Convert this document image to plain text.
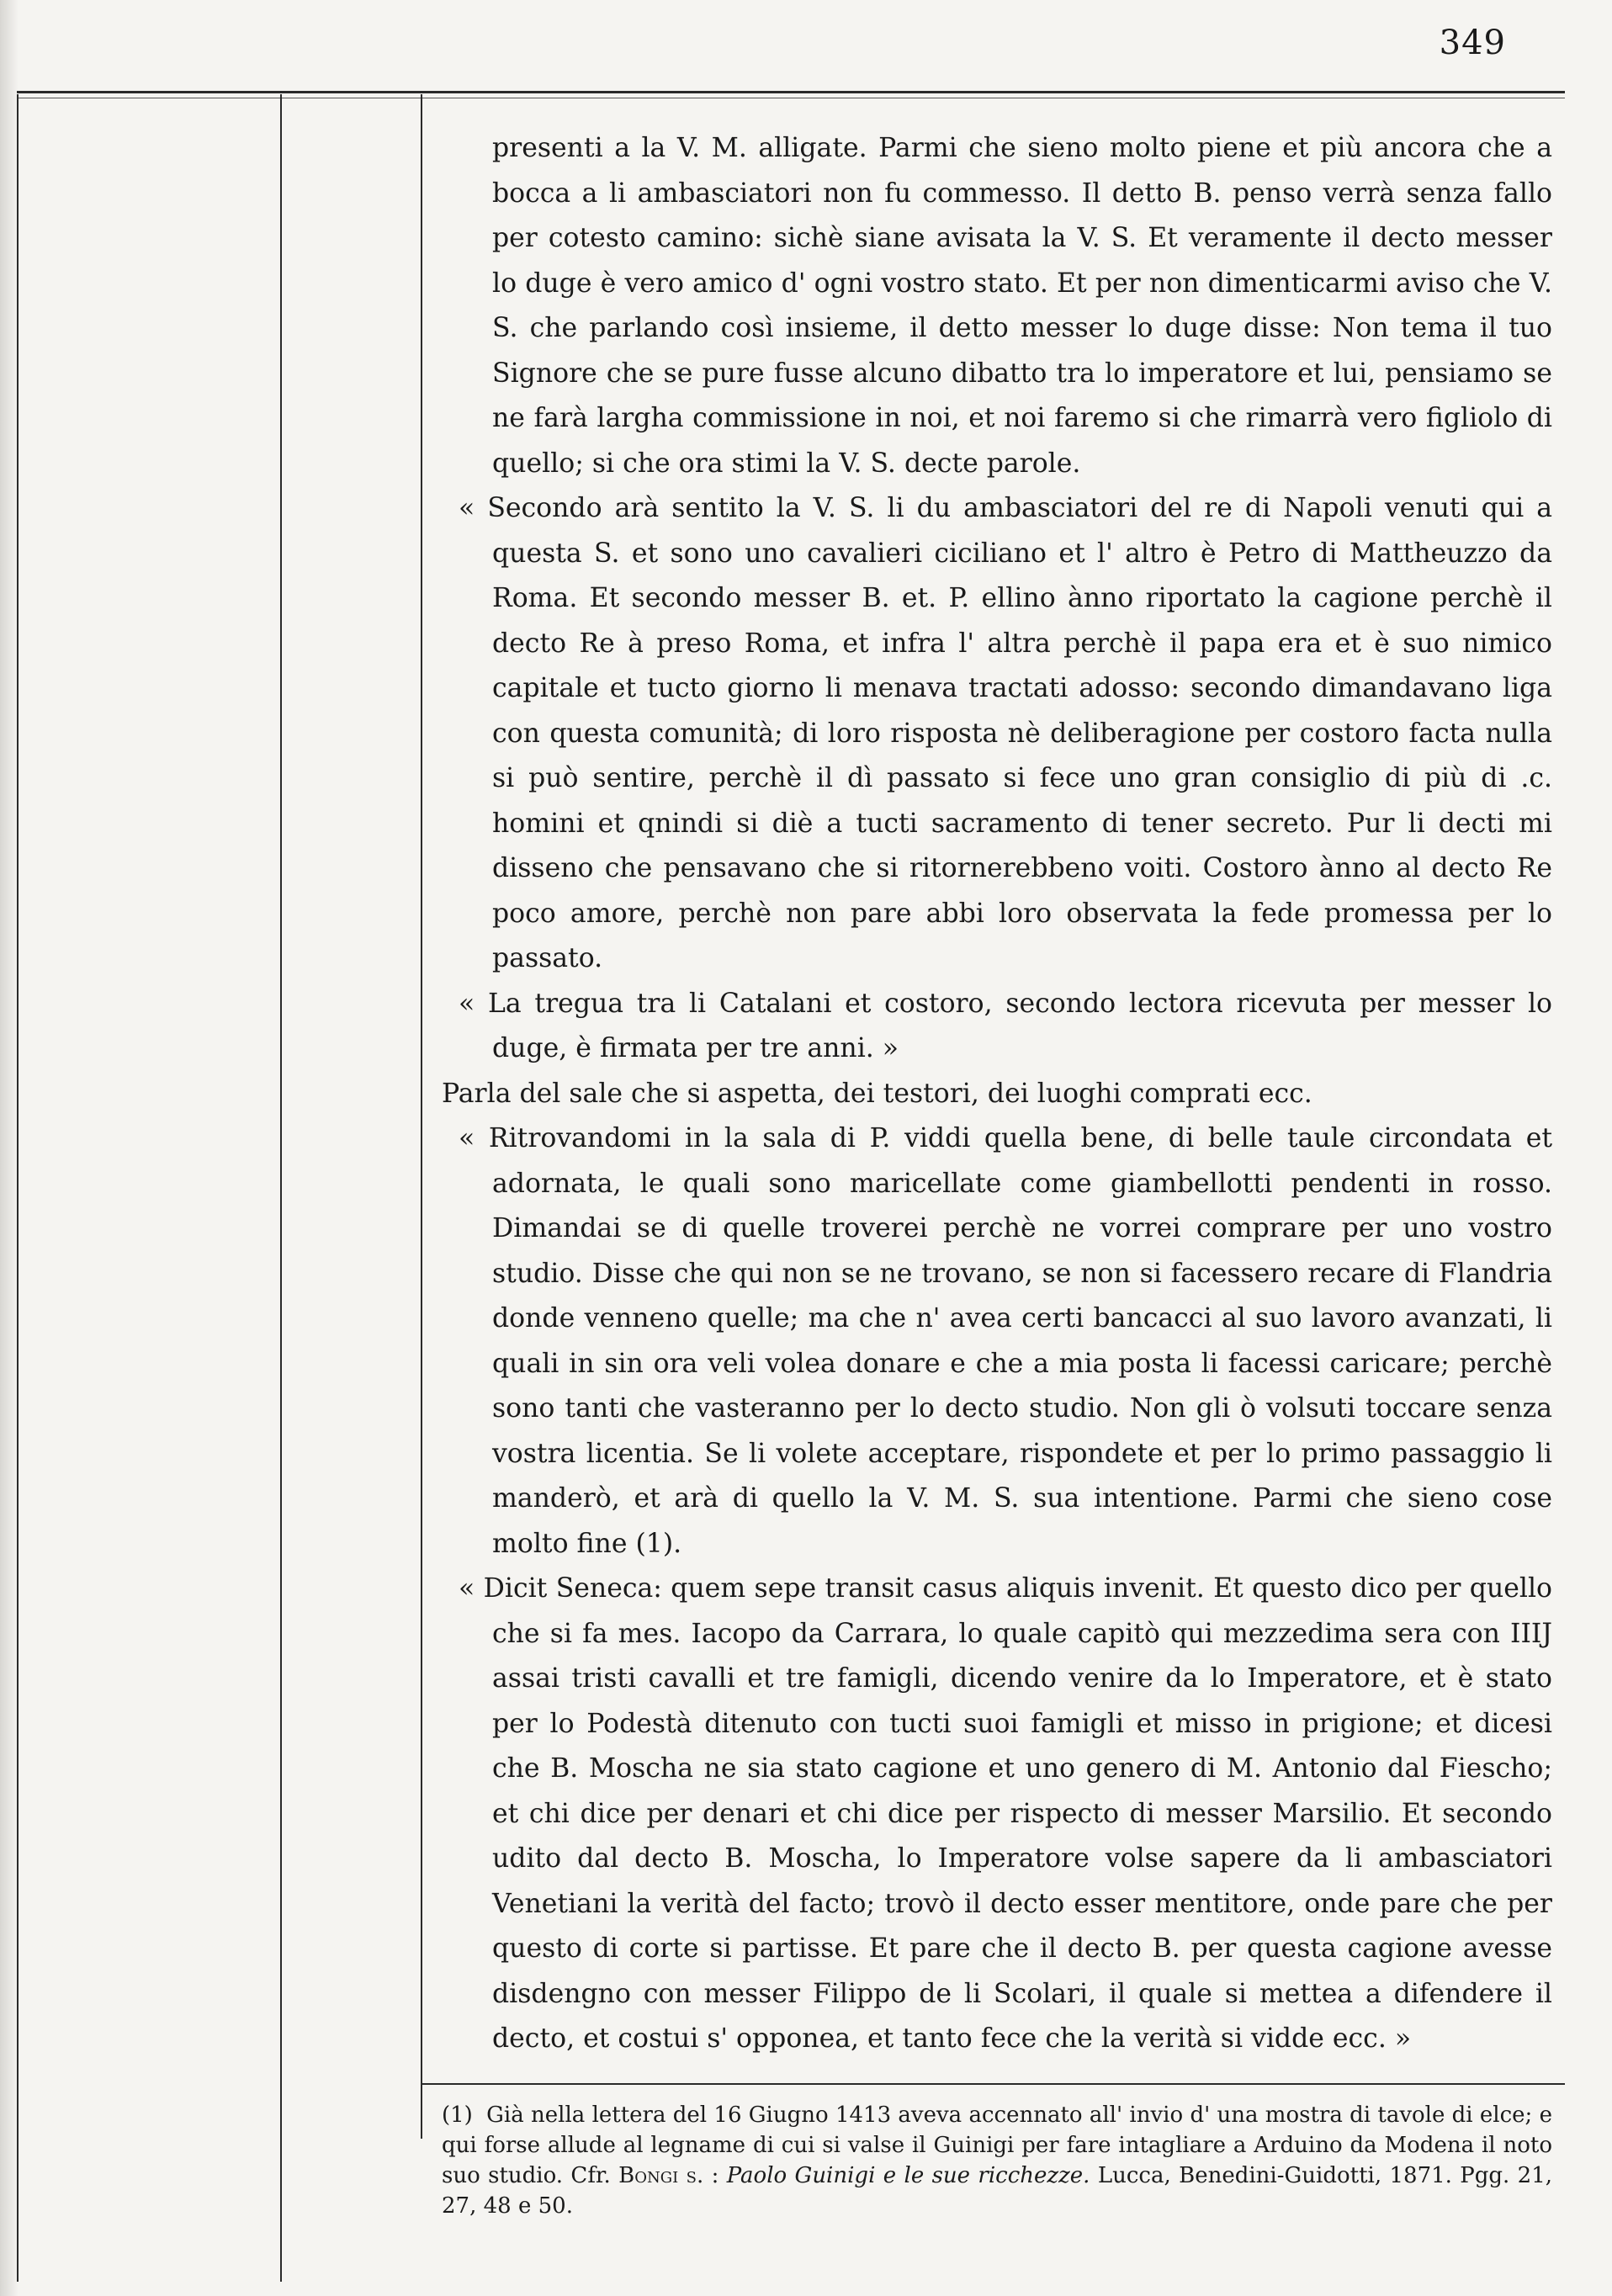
349

presenti a la V. M. alligate. Parmi che sieno molto piene et più ancora che a bocca a li ambasciatori non fu commesso. Il detto B. penso verrà senza fallo per cotesto camino: sichè siane avisata la V. S. Et veramente il decto messer lo duge è vero amico d' ogni vostro stato. Et per non dimenticarmi aviso che V. S. che parlando così insieme, il detto messer lo duge disse: Non tema il tuo Signore che se pure fusse alcuno dibatto tra lo imperatore et lui, pensiamo se ne farà largha commissione in noi, et noi faremo si che rimarrà vero figliolo di quello; si che ora stimi la V. S. decte parole.

« Secondo arà sentito la V. S. li du ambasciatori del re di Napoli venuti qui a questa S. et sono uno cavalieri ciciliano et l' altro è Petro di Mattheuzzo da Roma. Et secondo messer B. et. P. ellino ànno riportato la cagione perchè il decto Re à preso Roma, et infra l' altra perchè il papa era et è suo nimico capitale et tucto giorno li menava tractati adosso: secondo dimandavano liga con questa comunità; di loro risposta nè deliberagione per costoro facta nulla si può sentire, perchè il dì passato si fece uno gran consiglio di più di .c. homini et qnindi si diè a tucti sacramento di tener secreto. Pur li decti mi disseno che pensavano che si ritornerebbeno voiti. Costoro ànno al decto Re poco amore, perchè non pare abbi loro observata la fede promessa per lo passato.

« La tregua tra li Catalani et costoro, secondo lectora ricevuta per messer lo duge, è firmata per tre anni. »

Parla del sale che si aspetta, dei testori, dei luoghi comprati ecc.

« Ritrovandomi in la sala di P. viddi quella bene, di belle taule circondata et adornata, le quali sono maricellate come giambellotti pendenti in rosso. Dimandai se di quelle troverei perchè ne vorrei comprare per uno vostro studio. Disse che qui non se ne trovano, se non si facessero recare di Flandria donde venneno quelle; ma che n' avea certi bancacci al suo lavoro avanzati, li quali in sin ora veli volea donare e che a mia posta li facessi caricare; perchè sono tanti che vasteranno per lo decto studio. Non gli ò volsuti toccare senza vostra licentia. Se li volete acceptare, rispondete et per lo primo passaggio li manderò, et arà di quello la V. M. S. sua intentione. Parmi che sieno cose molto fine (1).

« Dicit Seneca: quem sepe transit casus aliquis invenit. Et questo dico per quello che si fa mes. Iacopo da Carrara, lo quale capitò qui mezzedima sera con IIIJ assai tristi cavalli et tre famigli, dicendo venire da lo Imperatore, et è stato per lo Podestà ditenuto con tucti suoi famigli et misso in prigione; et dicesi che B. Moscha ne sia stato cagione et uno genero di M. Antonio dal Fiescho; et chi dice per denari et chi dice per rispecto di messer Marsilio. Et secondo udito dal decto B. Moscha, lo Imperatore volse sapere da li ambasciatori Venetiani la verità del facto; trovò il decto esser mentitore, onde pare che per questo di corte si partisse. Et pare che il decto B. per questa cagione avesse disdengno con messer Filippo de li Scolari, il quale si mettea a difendere il decto, et costui s' opponea, et tanto fece che la verità si vidde ecc. »

(1) Già nella lettera del 16 Giugno 1413 aveva accennato all' invio d' una mostra di tavole di elce; e qui forse allude al legname di cui si valse il Guinigi per fare intagliare a Arduino da Modena il noto suo studio. Cfr. Bongi s. : Paolo Guinigi e le sue ricchezze. Lucca, Benedini-Guidotti, 1871. Pgg. 21, 27, 48 e 50.
